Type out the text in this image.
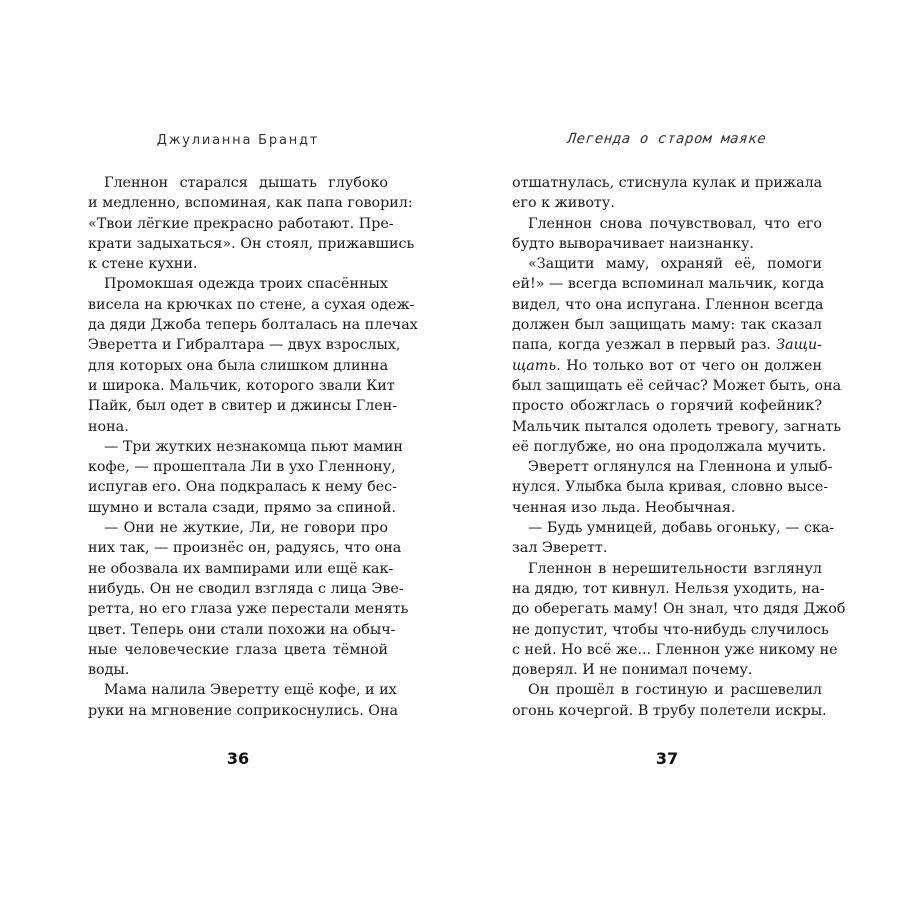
Джулианна Брандт
Гленнон старался дышать глубоко
и медленно, вспоминая, как папа говорил:
«Твои лёгкие прекрасно работают. Пре-
крати задыхаться». Он стоял, прижавшись
к стене кухни.
Промокшая одежда троих спасённых
висела на крючках по стене, а сухая одеж-
да дяди Джоба теперь болталась на плечах
Эверетта и Гибралтара — двух взрослых,
для которых она была слишком длинна
и широка. Мальчик, которого звали Кит
Пайк, был одет в свитер и джинсы Глен-
нона.
— Три жутких незнакомца пьют мамин
кофе, — прошептала Ли в ухо Гленнону,
испугав его. Она подкралась к нему бес-
шумно и встала сзади, прямо за спиной.
— Они не жуткие, Ли, не говори про
них так, — произнёс он, радуясь, что она
не обозвала их вампирами или ещё как-
нибудь. Он не сводил взгляда с лица Эве-
ретта, но его глаза уже перестали менять
цвет. Теперь они стали похожи на обыч-
ные человеческие глаза цвета тёмной
воды.
Мама налила Эверетту ещё кофе, и их
руки на мгновение соприкоснулись. Она
36
Легенда о старом маяке
отшатнулась, стиснула кулак и прижала
его к животу.
Гленнон снова почувствовал, что его
будто выворачивает наизнанку.
«Защити маму, охраняй её, помоги
ей!» — всегда вспоминал мальчик, когда
видел, что она испугана. Гленнон всегда
должен был защищать маму: так сказал
папа, когда уезжал в первый раз. Защи-
щать. Но только вот от чего он должен
был защищать её сейчас? Может быть, она
просто обожглась о горячий кофейник?
Мальчик пытался одолеть тревогу, загнать
её поглубже, но она продолжала мучить.
Эверетт оглянулся на Гленнона и улыб-
нулся. Улыбка была кривая, словно высе-
ченная изо льда. Необычная.
— Будь умницей, добавь огоньку, — ска-
зал Эверетт.
Гленнон в нерешительности взглянул
на дядю, тот кивнул. Нельзя уходить, на-
до оберегать маму! Он знал, что дядя Джоб
не допустит, чтобы что-нибудь случилось
с ней. Но всё же... Гленнон уже никому не
доверял. И не понимал почему.
Он прошёл в гостиную и расшевелил
огонь кочергой. В трубу полетели искры.
37
